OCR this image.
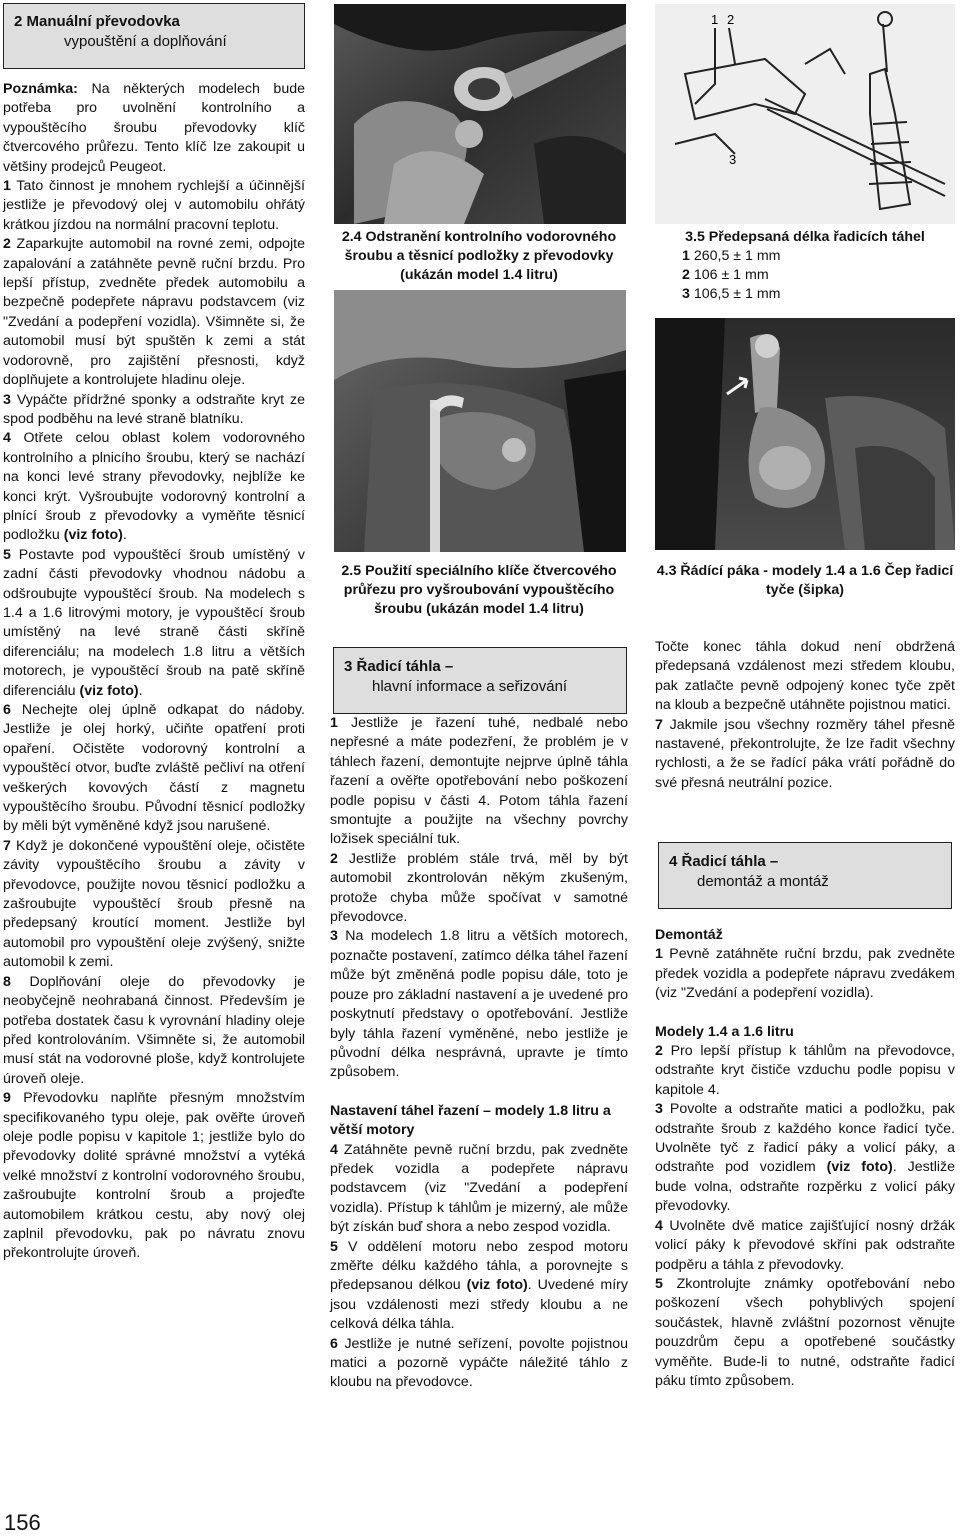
2 Manuální převodovka
vypouštění a doplňování

Poznámka: Na některých modelech bude potřeba pro uvolnění kontrolního a vypouštěcího šroubu převodovky klíč čtvercového průřezu. Tento klíč lze zakoupit u většiny prodejců Peugeot.

1 Tato činnost je mnohem rychlejší a účinnější jestliže je převodový olej v automobilu ohřátý krátkou jízdou na normální pracovní teplotu.

2 Zaparkujte automobil na rovné zemi, odpojte zapalování a zatáhněte pevně ruční brzdu. Pro lepší přístup, zvedněte předek automobilu a bezpečně podepřete nápravu podstavcem (viz "Zvedání a podepření vozidla). Všimněte si, že automobil musí být spuštěn k zemi a stát vodorovně, pro zajištění přesnosti, když doplňujete a kontrolujete hladinu oleje.

3 Vypáčte přídržné sponky a odstraňte kryt ze spod podběhu na levé straně blatníku.

4 Otřete celou oblast kolem vodorovného kontrolního a plnicího šroubu, který se nachází na konci levé strany převodovky, nejblíže ke konci krýt. Vyšroubujte vodorovný kontrolní a plnící šroub z převodovky a vyměňte těsnicí podložku (viz foto).

5 Postavte pod vypouštěcí šroub umístěný v zadní části převodovky vhodnou nádobu a odšroubujte vypouštěcí šroub. Na modelech s 1.4 a 1.6 litrovými motory, je vypouštěcí šroub umístěný na levé straně části skříně diferenciálu; na modelech 1.8 litru a větších motorech, je vypouštěcí šroub na patě skříně diferenciálu (viz foto).

6 Nechejte olej úplně odkapat do nádoby. Jestliže je olej horký, učiňte opatření proti opaření. Očistěte vodorovný kontrolní a vypouštěcí otvor, buďte zvláště pečliví na otření veškerých kovových částí z magnetu vypouštěcího šroubu. Původní těsnicí podložky by měli být vyměněné když jsou narušené.

7 Když je dokončené vypouštění oleje, očistěte závity vypouštěcího šroubu a závity v převodovce, použijte novou těsnicí podložku a zašroubujte vypouštěcí šroub přesně na předepsaný kroutící moment. Jestliže byl automobil pro vypouštění oleje zvýšený, snižte automobil k zemi.

8 Doplňování oleje do převodovky je neobyčejně neohrabaná činnost. Především je potřeba dostatek času k vyrovnání hladiny oleje před kontrolováním. Všimněte si, že automobil musí stát na vodorovné ploše, když kontrolujete úroveň oleje.

9 Převodovku naplňte přesným množstvím specifikovaného typu oleje, pak ověřte úroveň oleje podle popisu v kapitole 1; jestliže bylo do převodovky dolité správné množství a vytéká velké množství z kontrolní vodorovného šroubu, zašroubujte kontrolní šroub a projeďte automobilem krátkou cestu, aby nový olej zaplnil převodovku, pak po návratu znovu překontrolujte úroveň.

2.4 Odstranění kontrolního vodorovného šroubu a těsnicí podložky z převodovky (ukázán model 1.4 litru)
2.5 Použití speciálního klíče čtvercového průřezu pro vyšroubování vypouštěcího šroubu (ukázán model 1.4 litru)
3 Řadicí táhla –
hlavní informace a seřizování

1 Jestliže je řazení tuhé, nedbalé nebo nepřesné a máte podezření, že problém je v táhlech řazení, demontujte nejprve úplně táhla řazení a ověřte opotřebování nebo poškození podle popisu v části 4. Potom táhla řazení smontujte a použijte na všechny povrchy ložisek speciální tuk.

2 Jestliže problém stále trvá, měl by být automobil zkontrolován někým zkušeným, protože chyba může spočívat v samotné převodovce.

3 Na modelech 1.8 litru a větších motorech, poznačte postavení, zatímco délka táhel řazení může být změněná podle popisu dále, toto je pouze pro základní nastavení a je uvedené pro poskytnutí představy o opotřebování. Jestliže byly táhla řazení vyměněné, nebo jestliže je původní délka nesprávná, upravte je tímto způsobem.

Nastavení táhel řazení – modely 1.8 litru a větší motory

4 Zatáhněte pevně ruční brzdu, pak zvedněte předek vozidla a podepřete nápravu podstavcem (viz "Zvedání a podepření vozidla). Přístup k táhlům je mizerný, ale může být získán buď shora a nebo zespod vozidla.

5 V oddělení motoru nebo zespod motoru změřte délku každého táhla, a porovnejte s předepsanou délkou (viz foto). Uvedené míry jsou vzdálenosti mezi středy kloubu a ne celková délka táhla.

6 Jestliže je nutné seřízení, povolte pojistnou matici a pozorně vypáčte náležité táhlo z kloubu na převodovce.

1 2
3
3.5 Předepsaná délka řadicích táhel
1 260,5 ± 1 mm
2 106 ± 1 mm
3 106,5 ± 1 mm
4.3 Řádící páka - modely 1.4 a 1.6 Čep řadicí tyče (šipka)

Točte konec táhla dokud není obdržená předepsaná vzdálenost mezi středem kloubu, pak zatlačte pevně odpojený konec tyče zpět na kloub a bezpečně utáhněte pojistnou matici.

7 Jakmile jsou všechny rozměry táhel přesně nastavené, překontrolujte, že lze řadit všechny rychlosti, a že se řadící páka vrátí pořádně do své přesná neutrální pozice.

4 Řadicí táhla –
demontáž a montáž

Demontáž

1 Pevně zatáhněte ruční brzdu, pak zvedněte předek vozidla a podepřete nápravu zvedákem (viz "Zvedání a podepření vozidla).

Modely 1.4 a 1.6 litru

2 Pro lepší přístup k táhlům na převodovce, odstraňte kryt čističe vzduchu podle popisu v kapitole 4.

3 Povolte a odstraňte matici a podložku, pak odstraňte šroub z každého konce řadicí tyče. Uvolněte tyč z řadicí páky a volicí páky, a odstraňte pod vozidlem (viz foto). Jestliže bude volna, odstraňte rozpěrku z volicí páky převodovky.

4 Uvolněte dvě matice zajišťující nosný držák volicí páky k převodové skříni pak odstraňte podpěru a táhla z převodovky.

5 Zkontrolujte známky opotřebování nebo poškození všech pohyblivých spojení součástek, hlavně zvláštní pozornost věnujte pouzdrům čepu a opotřebené součástky vyměňte. Bude-li to nutné, odstraňte řadicí páku tímto způsobem.

156
